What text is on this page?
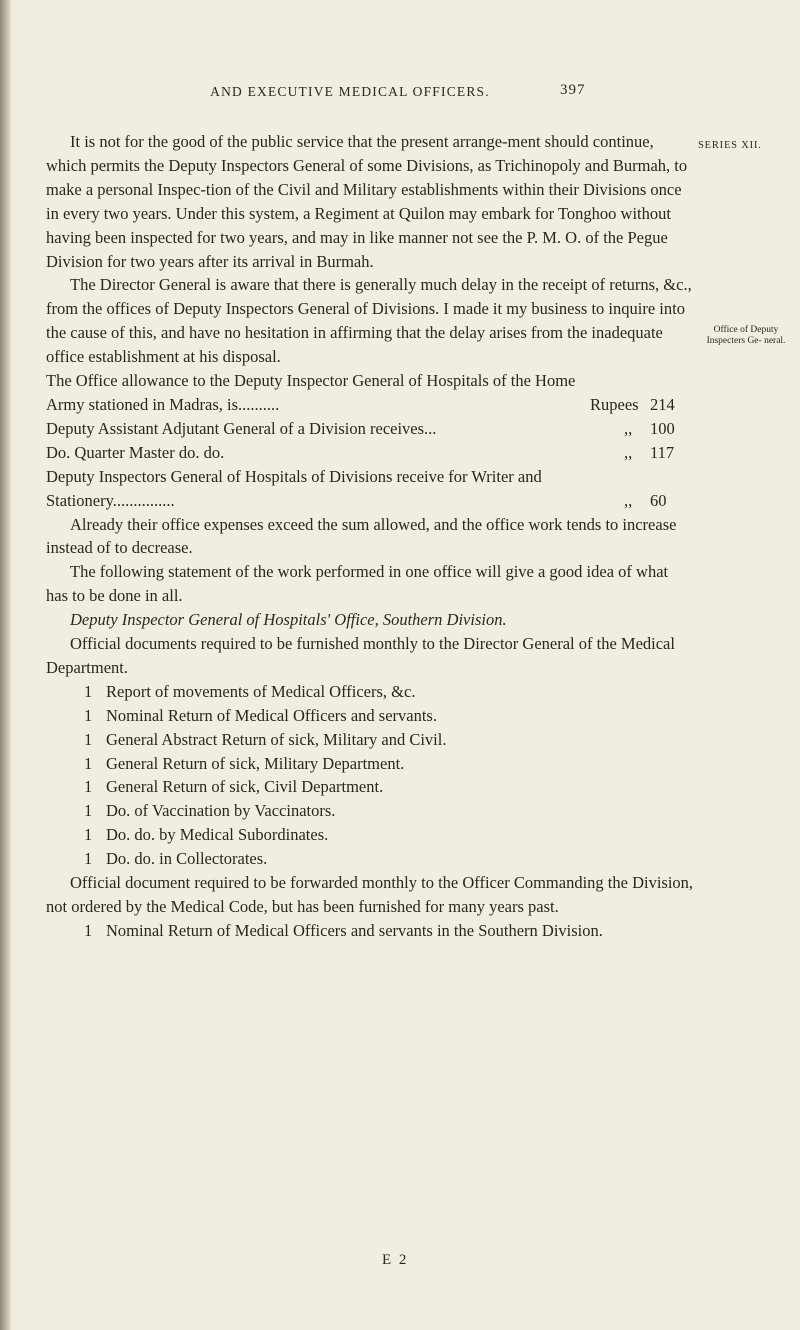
AND EXECUTIVE MEDICAL OFFICERS.	397
SERIES XII.
Office of Deputy Inspecters Ge- neral.

It is not for the good of the public service that the present arrange-ment should continue, which permits the Deputy Inspectors General of some Divisions, as Trichinopoly and Burmah, to make a personal Inspec-tion of the Civil and Military establishments within their Divisions once in every two years. Under this system, a Regiment at Quilon may embark for Tonghoo without having been inspected for two years, and may in like manner not see the P. M. O. of the Pegue Division for two years after its arrival in Burmah.

The Director General is aware that there is generally much delay in the receipt of returns, &c., from the offices of Deputy Inspectors General of Divisions. I made it my business to inquire into the cause of this, and have no hesitation in affirming that the delay arises from the inadequate office establishment at his disposal.

The Office allowance to the Deputy Inspector General of Hospitals of the Home Army stationed in Madras, is..........	Rupees 214
Deputy Assistant Adjutant General of a Division receives...	,,	100
Do. Quarter Master do. do.	,,	117
Deputy Inspectors General of Hospitals of Divisions receive for Writer and Stationery...............	,,	60

Already their office expenses exceed the sum allowed, and the office work tends to increase instead of to decrease.

The following statement of the work performed in one office will give a good idea of what has to be done in all.

Deputy Inspector General of Hospitals' Office, Southern Division.

Official documents required to be furnished monthly to the Director General of the Medical Department.

1 Report of movements of Medical Officers, &c.
1 Nominal Return of Medical Officers and servants.
1 General Abstract Return of sick, Military and Civil.
1 General Return of sick, Military Department.
1 General Return of sick, Civil Department.
1 Do. of Vaccination by Vaccinators.
1 Do. do. by Medical Subordinates.
1 Do. do. in Collectorates.

Official document required to be forwarded monthly to the Officer Commanding the Division, not ordered by the Medical Code, but has been furnished for many years past.

1 Nominal Return of Medical Officers and servants in the Southern Division.
E 2
